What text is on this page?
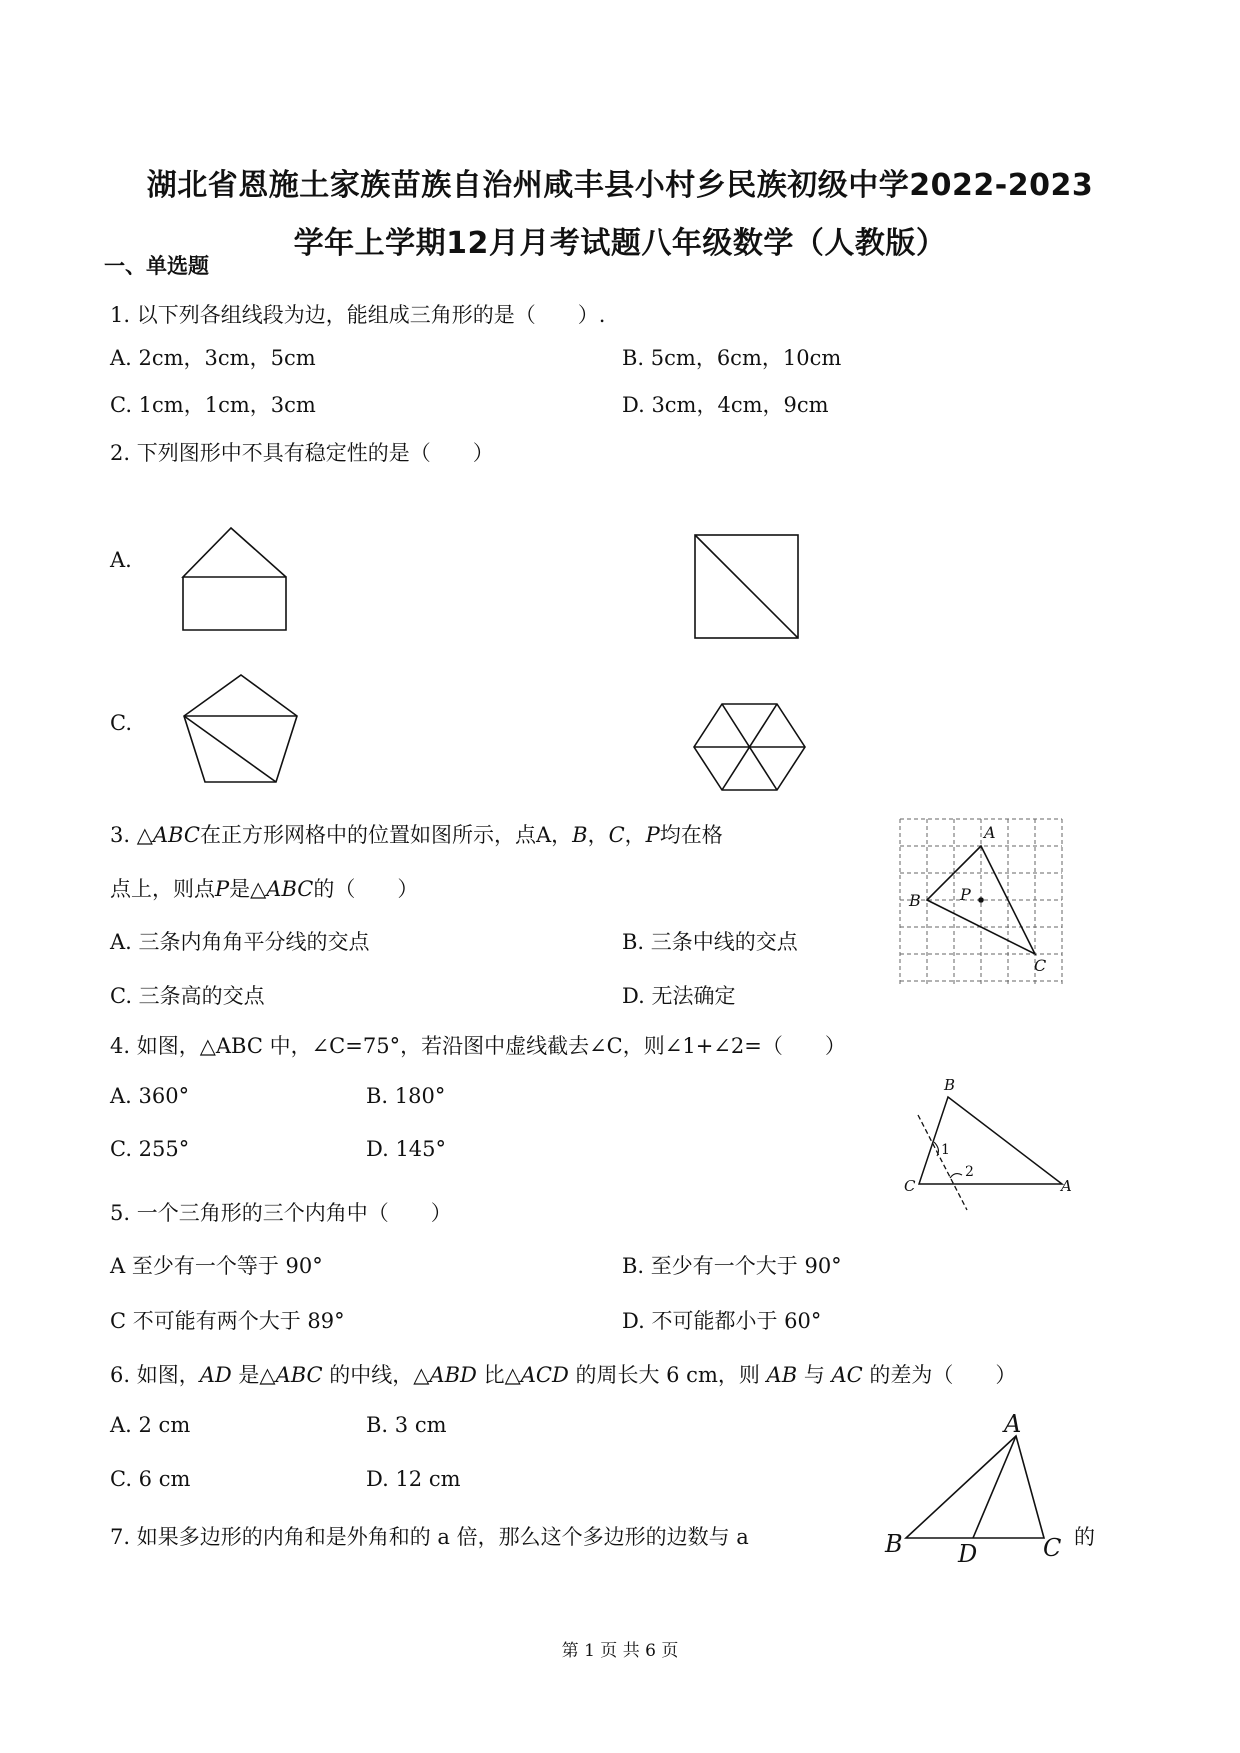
湖北省恩施土家族苗族自治州咸丰县小村乡民族初级中学2022-2023
学年上学期12月月考试题八年级数学（人教版）
一、单选题
1. 以下列各组线段为边，能组成三角形的是（　　）.
A. 2cm，3cm，5cm	B. 5cm，6cm，10cm
C. 1cm，1cm，3cm	D. 3cm，4cm，9cm
2. 下列图形中不具有稳定性的是（　　）
A.
C.
3. △ABC在正方形网格中的位置如图所示，点A，B，C，P均在格
点上，则点P是△ABC的（　　）
A. 三条内角角平分线的交点	B. 三条中线的交点
C. 三条高的交点	D. 无法确定
A
B
C
P
4. 如图，△ABC 中，∠C=75°，若沿图中虚线截去∠C，则∠1+∠2=（　　）
A. 360°	B. 180°
C. 255°	D. 145°
B
C	A
1
2
5. 一个三角形的三个内角中（　　）
A 至少有一个等于 90°	B. 至少有一个大于 90°
C 不可能有两个大于 89°	D. 不可能都小于 60°
6. 如图，AD 是△ABC 的中线，△ABD 比△ACD 的周长大 6 cm，则 AB 与 AC 的差为（　　）
A. 2 cm	B. 3 cm
C. 6 cm	D. 12 cm
A
B	C
D
7. 如果多边形的内角和是外角和的 a 倍，那么这个多边形的边数与 a	的
第 1 页 共 6 页
